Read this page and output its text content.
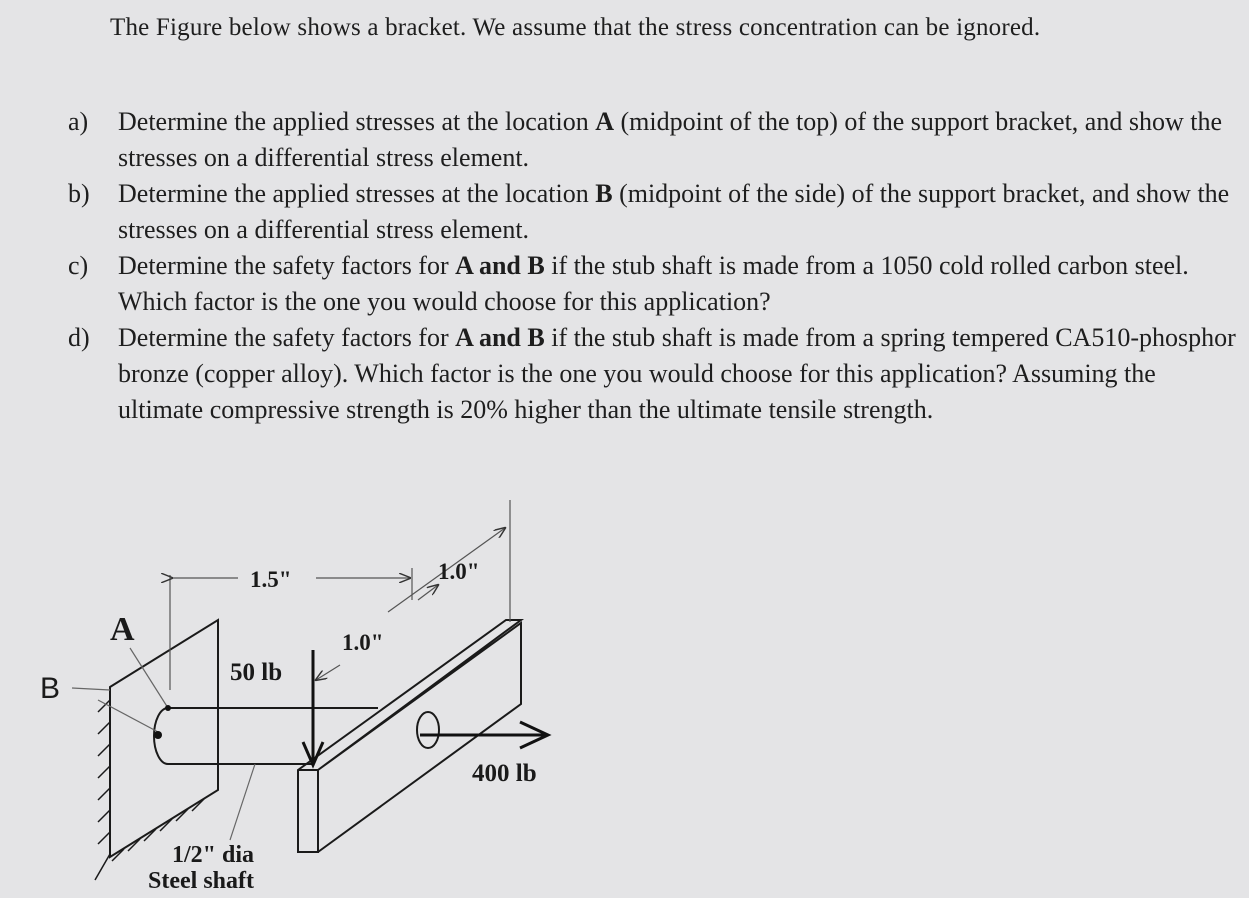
The Figure below shows a bracket. We assume that the stress concentration can be ignored.
a)	Determine the applied stresses at the location A (midpoint of the top) of the support bracket, and show the stresses on a differential stress element.
b)	Determine the applied stresses at the location B (midpoint of the side) of the support bracket, and show the stresses on a differential stress element.
c)	Determine the safety factors for A and B if the stub shaft is made from a 1050 cold rolled carbon steel. Which factor is the one you would choose for this application?
d)	Determine the safety factors for A and B if the stub shaft is made from a spring tempered CA510-phosphor bronze (copper alloy). Which factor is the one you would choose for this application? Assuming the ultimate compressive strength is 20% higher than the ultimate tensile strength.
1.5"	1.0"
1.0"
A
B	50 lb
400 lb
1/2" dia
Steel shaft
